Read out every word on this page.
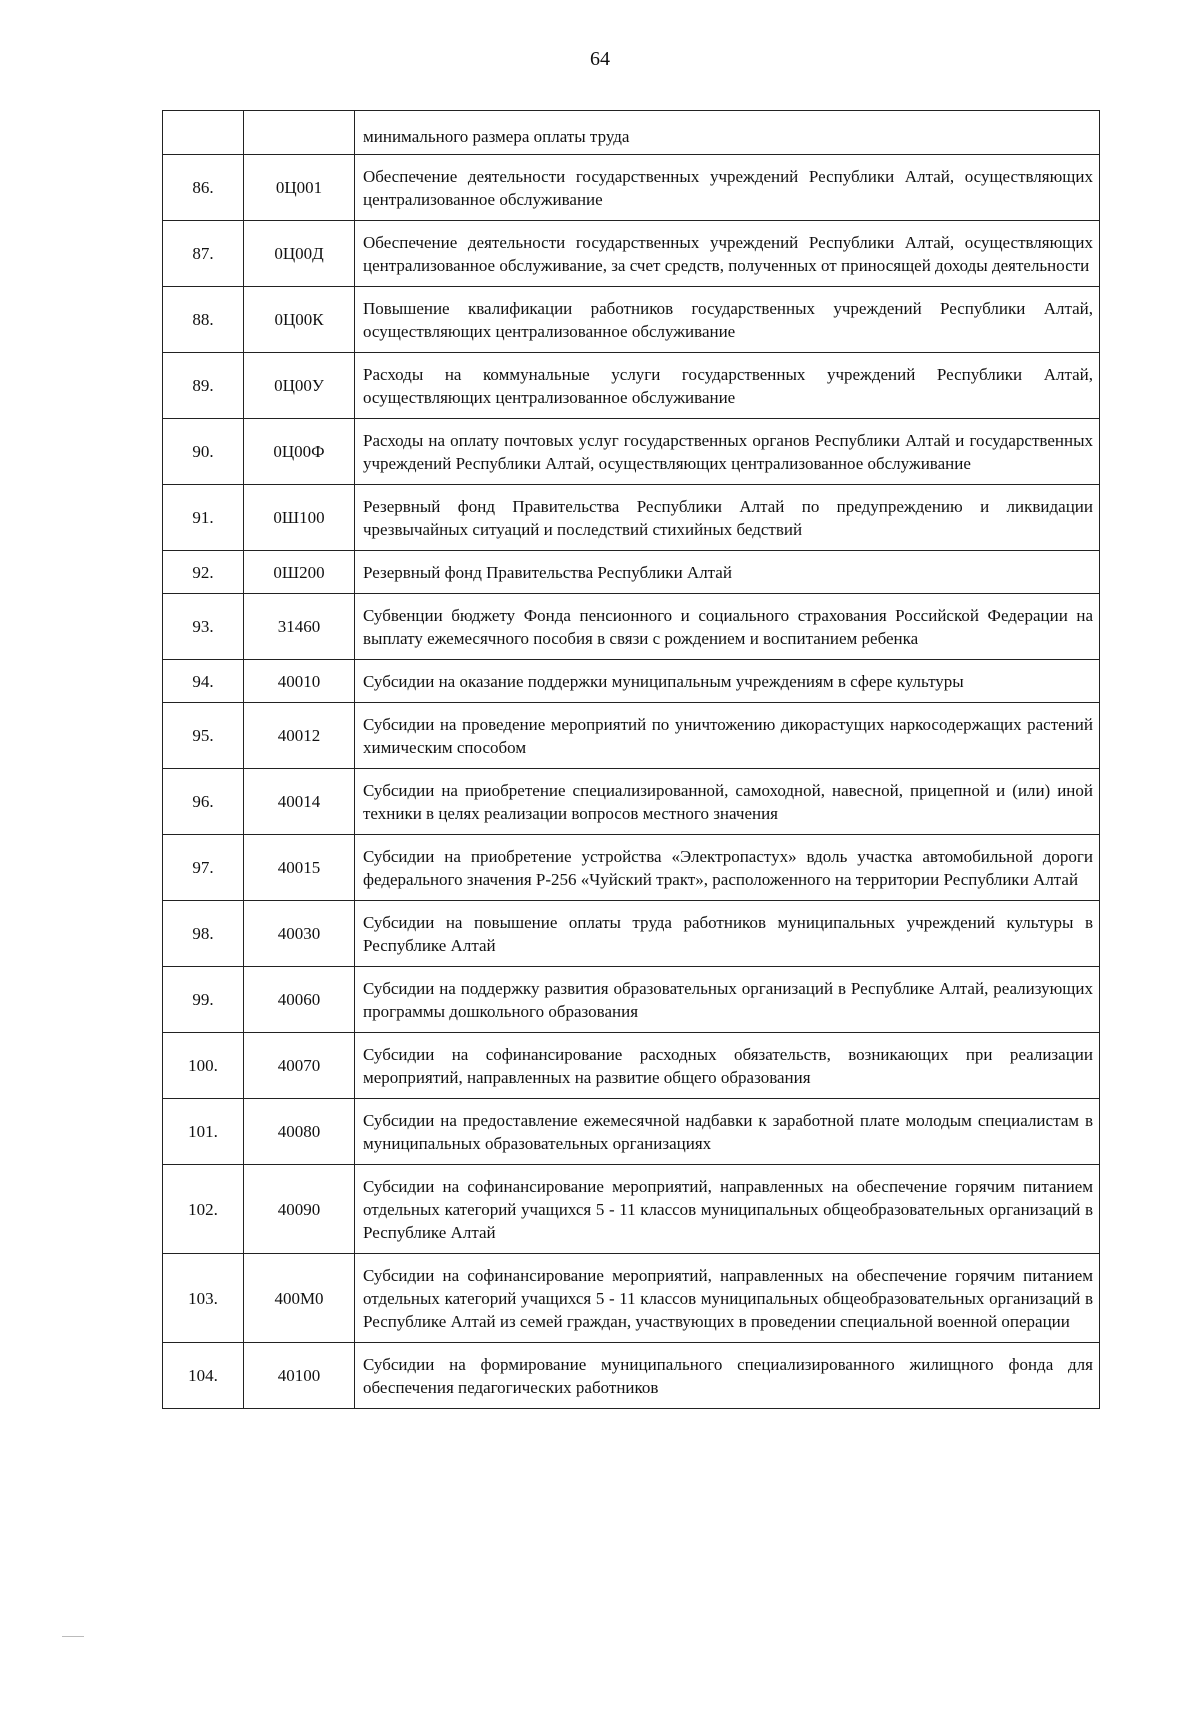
64
		минимального размера оплаты труда
86.	0Ц001	Обеспечение деятельности государственных учреждений Республики Алтай, осуществляющих централизованное обслуживание
87.	0Ц00Д	Обеспечение деятельности государственных учреждений Республики Алтай, осуществляющих централизованное обслуживание, за счет средств, полученных от приносящей доходы деятельности
88.	0Ц00К	Повышение квалификации работников государственных учреждений Республики Алтай, осуществляющих централизованное обслуживание
89.	0Ц00У	Расходы на коммунальные услуги государственных учреждений Республики Алтай, осуществляющих централизованное обслуживание
90.	0Ц00Ф	Расходы на оплату почтовых услуг государственных органов Республики Алтай и государственных учреждений Республики Алтай, осуществляющих централизованное обслуживание
91.	0Ш100	Резервный фонд Правительства Республики Алтай по предупреждению и ликвидации чрезвычайных ситуаций и последствий стихийных бедствий
92.	0Ш200	Резервный фонд Правительства Республики Алтай
93.	31460	Субвенции бюджету Фонда пенсионного и социального страхования Российской Федерации на выплату ежемесячного пособия в связи с рождением и воспитанием ребенка
94.	40010	Субсидии на оказание поддержки муниципальным учреждениям в сфере культуры
95.	40012	Субсидии на проведение мероприятий по уничтожению дикорастущих наркосодержащих растений химическим способом
96.	40014	Субсидии на приобретение специализированной, самоходной, навесной, прицепной и (или) иной техники в целях реализации вопросов местного значения
97.	40015	Субсидии на приобретение устройства «Электропастух» вдоль участка автомобильной дороги федерального значения Р-256 «Чуйский тракт», расположенного на территории Республики Алтай
98.	40030	Субсидии на повышение оплаты труда работников муниципальных учреждений культуры в Республике Алтай
99.	40060	Субсидии на поддержку развития образовательных организаций в Республике Алтай, реализующих программы дошкольного образования
100.	40070	Субсидии на софинансирование расходных обязательств, возникающих при реализации мероприятий, направленных на развитие общего образования
101.	40080	Субсидии на предоставление ежемесячной надбавки к заработной плате молодым специалистам в муниципальных образовательных организациях
102.	40090	Субсидии на софинансирование мероприятий, направленных на обеспечение горячим питанием отдельных категорий учащихся 5 - 11 классов муниципальных общеобразовательных организаций в Республике Алтай
103.	400М0	Субсидии на софинансирование мероприятий, направленных на обеспечение горячим питанием отдельных категорий учащихся 5 - 11 классов муниципальных общеобразовательных организаций в Республике Алтай из семей граждан, участвующих в проведении специальной военной операции
104.	40100	Субсидии на формирование муниципального специализированного жилищного фонда для обеспечения педагогических работников
